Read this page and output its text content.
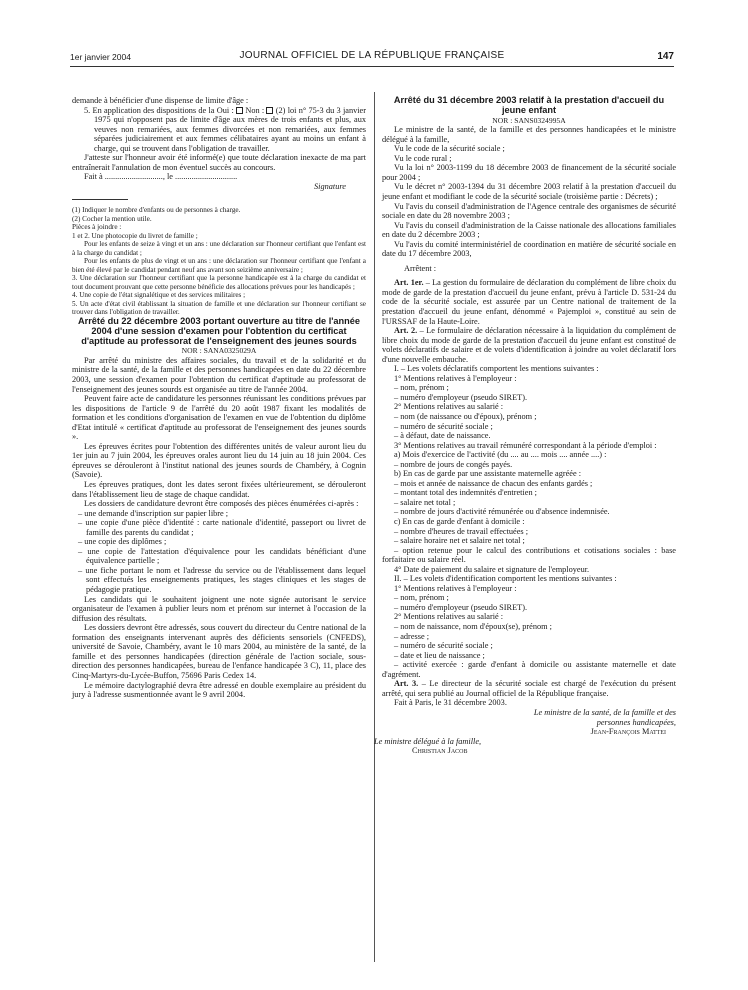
1er janvier 2004	JOURNAL OFFICIEL DE LA RÉPUBLIQUE FRANÇAISE	147

demande à bénéficier d'une dispense de limite d'âge :

5. En application des dispositions de la Oui :  Non :  (2) loi n° 75-3 du 3 janvier 1975 qui n'opposent pas de limite d'âge aux mères de trois enfants et plus, aux veuves non remariées, aux femmes divorcées et non remariées, aux femmes séparées judiciairement et aux femmes célibataires ayant au moins un enfant à charge, qui se trouvent dans l'obligation de travailler.

J'atteste sur l'honneur avoir été informé(e) que toute déclaration inexacte de ma part entraînerait l'annulation de mon éventuel succès au concours.

Fait à ............................, le ..............................

Signature

(1) Indiquer le nombre d'enfants ou de personnes à charge.

(2) Cocher la mention utile.

Pièces à joindre :

1 et 2. Une photocopie du livret de famille ;

Pour les enfants de seize à vingt et un ans : une déclaration sur l'honneur certifiant que l'enfant est à la charge du candidat ;

Pour les enfants de plus de vingt et un ans : une déclaration sur l'honneur certifiant que l'enfant a bien été élevé par le candidat pendant neuf ans avant son seizième anniversaire ;

3. Une déclaration sur l'honneur certifiant que la personne handicapée est à la charge du candidat et tout document prouvant que cette personne bénéficie des allocations prévues pour les handicapés ;

4. Une copie de l'état signalétique et des services militaires ;

5. Un acte d'état civil établissant la situation de famille et une déclaration sur l'honneur certifiant se trouver dans l'obligation de travailler.

Arrêté du 22 décembre 2003 portant ouverture au titre de l'année 2004 d'une session d'examen pour l'obtention du certificat d'aptitude au professorat de l'enseignement des jeunes sourds

NOR : SANA0325029A

Par arrêté du ministre des affaires sociales, du travail et de la solidarité et du ministre de la santé, de la famille et des personnes handicapées en date du 22 décembre 2003, une session d'examen pour l'obtention du certificat d'aptitude au professorat de l'enseignement des jeunes sourds est organisée au titre de l'année 2004.

Peuvent faire acte de candidature les personnes réunissant les conditions prévues par les dispositions de l'article 9 de l'arrêté du 20 août 1987 fixant les modalités de formation et les conditions d'organisation de l'examen en vue de l'obtention du diplôme d'Etat intitulé « certificat d'aptitude au professorat de l'enseignement des jeunes sourds ».

Les épreuves écrites pour l'obtention des différentes unités de valeur auront lieu du 1er juin au 7 juin 2004, les épreuves orales auront lieu du 14 juin au 18 juin 2004. Ces épreuves se dérouleront à l'institut national des jeunes sourds de Chambéry, à Cognin (Savoie).

Les épreuves pratiques, dont les dates seront fixées ultérieurement, se dérouleront dans l'établissement lieu de stage de chaque candidat.

Les dossiers de candidature devront être composés des pièces énumérées ci-après :

– une demande d'inscription sur papier libre ;

– une copie d'une pièce d'identité : carte nationale d'identité, passeport ou livret de famille des parents du candidat ;

– une copie des diplômes ;

– une copie de l'attestation d'équivalence pour les candidats bénéficiant d'une équivalence partielle ;

– une fiche portant le nom et l'adresse du service ou de l'établissement dans lequel sont effectués les enseignements pratiques, les stages cliniques et les stages de pédagogie pratique.

Les candidats qui le souhaitent joignent une note signée autorisant le service organisateur de l'examen à publier leurs nom et prénom sur internet à l'occasion de la diffusion des résultats.

Les dossiers devront être adressés, sous couvert du directeur du Centre national de la formation des enseignants intervenant auprès des déficients sensoriels (CNFEDS), université de Savoie, Chambéry, avant le 10 mars 2004, au ministère de la santé, de la famille et des personnes handicapées (direction générale de l'action sociale, sous-direction des personnes handicapées, bureau de l'enfance handicapée 3 C), 11, place des Cinq-Martyrs-du-Lycée-Buffon, 75696 Paris Cedex 14.

Le mémoire dactylographié devra être adressé en double exemplaire au président du jury à l'adresse susmentionnée avant le 9 avril 2004.

Arrêté du 31 décembre 2003 relatif à la prestation d'accueil du jeune enfant

NOR : SANS0324995A

Le ministre de la santé, de la famille et des personnes handicapées et le ministre délégué à la famille,

Vu le code de la sécurité sociale ;

Vu le code rural ;

Vu la loi n° 2003-1199 du 18 décembre 2003 de financement de la sécurité sociale pour 2004 ;

Vu le décret n° 2003-1394 du 31 décembre 2003 relatif à la prestation d'accueil du jeune enfant et modifiant le code de la sécurité sociale (troisième partie : Décrets) ;

Vu l'avis du conseil d'administration de l'Agence centrale des organismes de sécurité sociale en date du 28 novembre 2003 ;

Vu l'avis du conseil d'administration de la Caisse nationale des allocations familiales en date du 2 décembre 2003 ;

Vu l'avis du comité interministériel de coordination en matière de sécurité sociale en date du 17 décembre 2003,

Arrêtent :

Art. 1er. – La gestion du formulaire de déclaration du complément de libre choix du mode de garde de la prestation d'accueil du jeune enfant, prévu à l'article D. 531-24 du code de la sécurité sociale, est assurée par un Centre national de traitement de la prestation d'accueil du jeune enfant, dénommé « Pajemploi », constitué au sein de l'URSSAF de la Haute-Loire.

Art. 2. – Le formulaire de déclaration nécessaire à la liquidation du complément de libre choix du mode de garde de la prestation d'accueil du jeune enfant est constitué de volets déclaratifs de salaire et de volets d'identification à joindre au volet déclaratif lors d'une nouvelle embauche.

I. – Les volets déclaratifs comportent les mentions suivantes :

1° Mentions relatives à l'employeur :

– nom, prénom ;

– numéro d'employeur (pseudo SIRET).

2° Mentions relatives au salarié :

– nom (de naissance ou d'époux), prénom ;

– numéro de sécurité sociale ;

– à défaut, date de naissance.

3° Mentions relatives au travail rémunéré correspondant à la période d'emploi :

a) Mois d'exercice de l'activité (du .... au .... mois .... année ....) :

– nombre de jours de congés payés.

b) En cas de garde par une assistante maternelle agréée :

– mois et année de naissance de chacun des enfants gardés ;

– montant total des indemnités d'entretien ;

– salaire net total ;

– nombre de jours d'activité rémunérée ou d'absence indemnisée.

c) En cas de garde d'enfant à domicile :

– nombre d'heures de travail effectuées ;

– salaire horaire net et salaire net total ;

– option retenue pour le calcul des contributions et cotisations sociales : base forfaitaire ou salaire réel.

4° Date de paiement du salaire et signature de l'employeur.

II. – Les volets d'identification comportent les mentions suivantes :

1° Mentions relatives à l'employeur :

– nom, prénom ;

– numéro d'employeur (pseudo SIRET).

2° Mentions relatives au salarié :

– nom de naissance, nom d'époux(se), prénom ;

– adresse ;

– numéro de sécurité sociale ;

– date et lieu de naissance ;

– activité exercée : garde d'enfant à domicile ou assistante maternelle et date d'agrément.

Art. 3. – Le directeur de la sécurité sociale est chargé de l'exécution du présent arrêté, qui sera publié au Journal officiel de la République française.

Fait à Paris, le 31 décembre 2003.

Le ministre de la santé, de la famille et des personnes handicapées,

Jean-François Mattei

Le ministre délégué à la famille,

Christian Jacob
